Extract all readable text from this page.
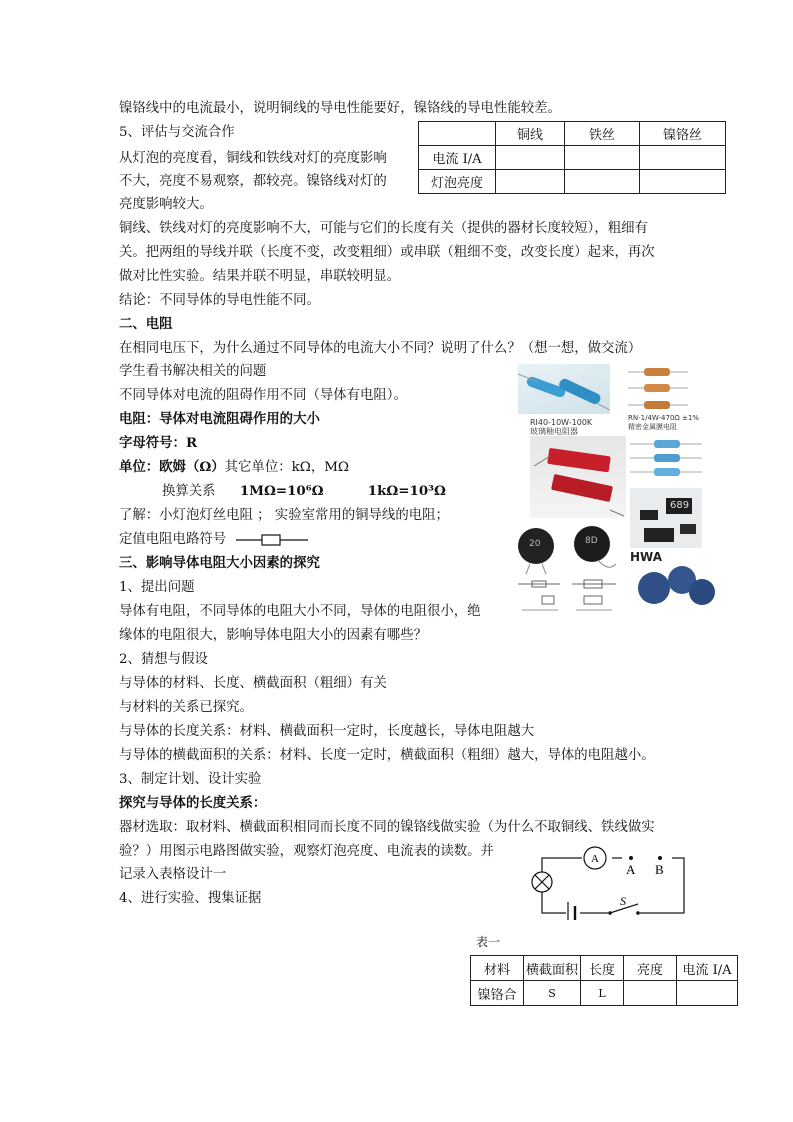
镍铬线中的电流最小，说明铜线的导电性能要好，镍铬线的导电性能较差。
5、评估与交流合作
从灯泡的亮度看，铜线和铁线对灯的亮度影响
不大，亮度不易观察，都较亮。镍铬线对灯的
亮度影响较大。
铜线、铁线对灯的亮度影响不大，可能与它们的长度有关（提供的器材长度较短），粗细有
关。把两组的导线并联（长度不变，改变粗细）或串联（粗细不变，改变长度）起来，再次
做对比性实验。结果并联不明显，串联较明显。
结论：不同导体的导电性能不同。
二、电阻
在相同电压下，为什么通过不同导体的电流大小不同？说明了什么？（想一想，做交流）
学生看书解决相关的问题
不同导体对电流的阻碍作用不同（导体有电阻）。
电阻：导体对电流阻碍作用的大小
字母符号：R
单位：欧姆（Ω）其它单位：kΩ，MΩ
换算关系 1MΩ=10⁶Ω	1kΩ=10³Ω
了解：小灯泡灯丝电阻 ； 实验室常用的铜导线的电阻；
定值电阻电路符号
三、影响导体电阻大小因素的探究
1、提出问题
导体有电阻，不同导体的电阻大小不同，导体的电阻很小，绝
缘体的电阻很大，影响导体电阻大小的因素有哪些？
2、猜想与假设
与导体的材料、长度、横截面积（粗细）有关
与材料的关系已探究。
与导体的长度关系：材料、横截面积一定时，长度越长，导体电阻越大
与导体的横截面积的关系：材料、长度一定时，横截面积（粗细）越大，导体的电阻越小。
3、制定计划、设计实验
探究与导体的长度关系：
器材选取：取材料、横截面积相同而长度不同的镍铬线做实验（为什么不取铜线、铁线做实
验？）用图示电路图做实验，观察灯泡亮度、电流表的读数。并
记录入表格设计一
4、进行实验、搜集证据
	铜线	铁丝	镍铬丝
电流 I/A			
灯泡亮度			
RI40-10W-100K
玻璃釉电阻器
RN-1/4W-470Ω ±1%
精密金属膜电阻
689
20	8D
HWA
A
A B
S
表一
材料	横截面积	长度	亮度	电流 I/A
镍铬合	S	L		
